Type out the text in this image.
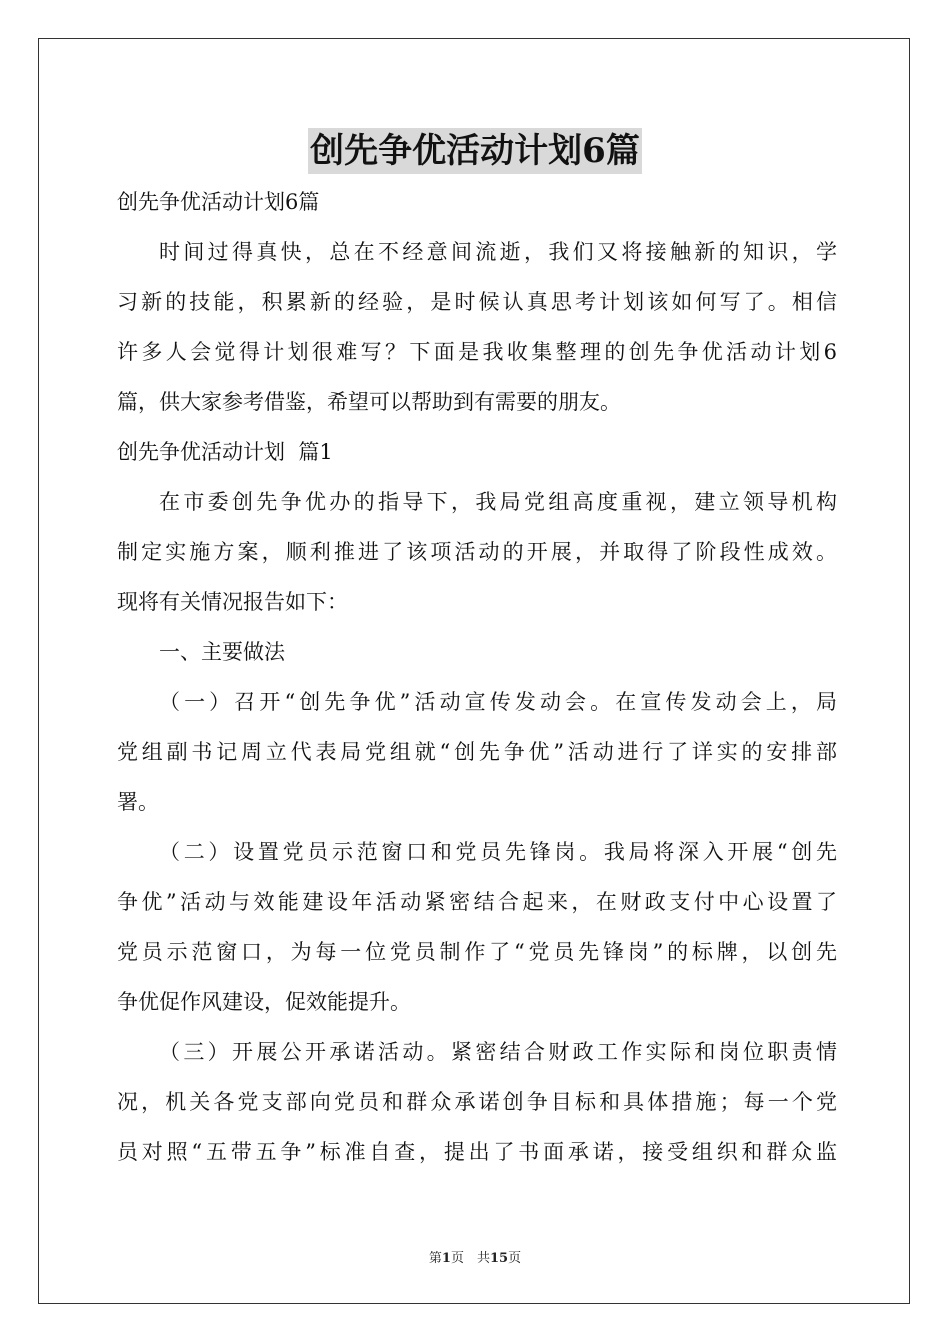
创先争优活动计划6篇

创先争优活动计划6篇

时间过得真快，总在不经意间流逝，我们又将接触新的知识，学

习新的技能，积累新的经验，是时候认真思考计划该如何写了。相信

许多人会觉得计划很难写？下面是我收集整理的创先争优活动计划6

篇，供大家参考借鉴，希望可以帮助到有需要的朋友。

创先争优活动计划  篇1

在市委创先争优办的指导下，我局党组高度重视，建立领导机构

制定实施方案，顺利推进了该项活动的开展，并取得了阶段性成效。

现将有关情况报告如下：

一、主要做法

（一）召开“创先争优”活动宣传发动会。在宣传发动会上，局

党组副书记周立代表局党组就“创先争优”活动进行了详实的安排部

署。

（二）设置党员示范窗口和党员先锋岗。我局将深入开展“创先

争优”活动与效能建设年活动紧密结合起来，在财政支付中心设置了

党员示范窗口，为每一位党员制作了“党员先锋岗”的标牌，以创先

争优促作风建设，促效能提升。

（三）开展公开承诺活动。紧密结合财政工作实际和岗位职责情

况，机关各党支部向党员和群众承诺创争目标和具体措施；每一个党

员对照“五带五争”标准自查，提出了书面承诺，接受组织和群众监

第1页　共15页
